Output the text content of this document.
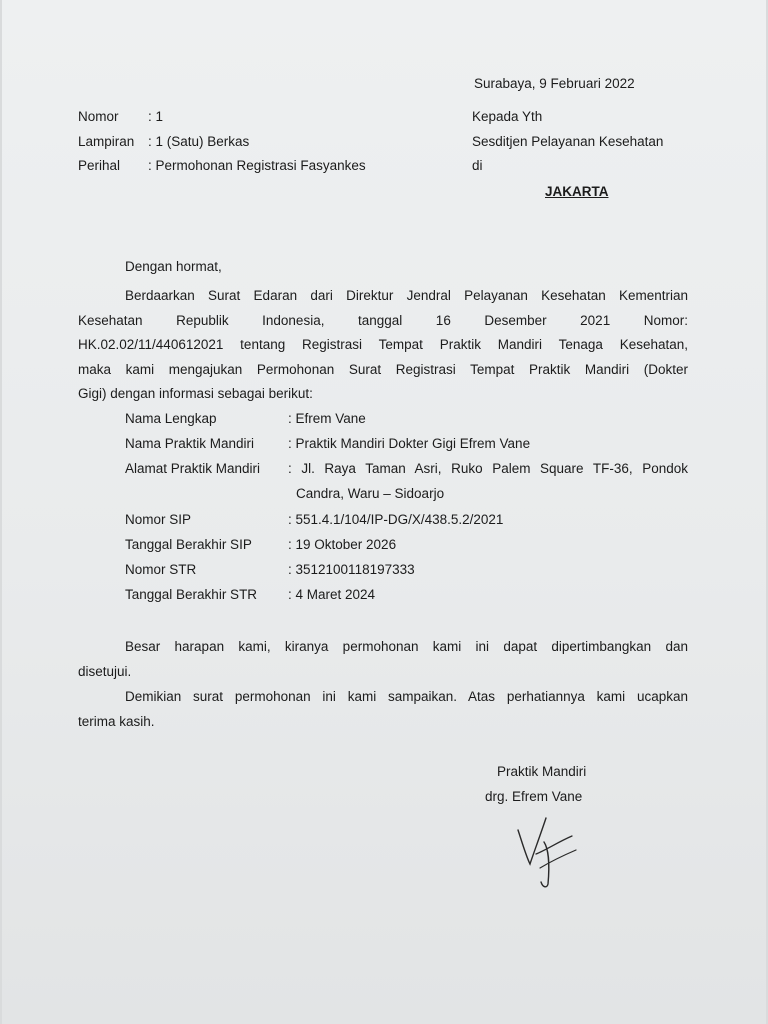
Surabaya, 9 Februari 2022
Nomor	: 1
Lampiran	: 1 (Satu) Berkas
Perihal	: Permohonan Registrasi Fasyankes
Kepada Yth
Sesditjen Pelayanan Kesehatan
di
JAKARTA
Dengan hormat,
Berdaarkan Surat Edaran dari Direktur Jendral Pelayanan Kesehatan Kementrian
Kesehatan Republik Indonesia, tanggal 16 Desember 2021 Nomor:
HK.02.02/11/440612021 tentang Registrasi Tempat Praktik Mandiri Tenaga Kesehatan,
maka kami mengajukan Permohonan Surat Registrasi Tempat Praktik Mandiri (Dokter
Gigi) dengan informasi sebagai berikut:
Nama Lengkap	: Efrem Vane
Nama Praktik Mandiri	: Praktik Mandiri Dokter Gigi Efrem Vane
Alamat Praktik Mandiri : Jl. Raya Taman Asri, Ruko Palem Square TF-36, Pondok
Candra, Waru – Sidoarjo
Nomor SIP	: 551.4.1/104/IP-DG/X/438.5.2/2021
Tanggal Berakhir SIP	: 19 Oktober 2026
Nomor STR	: 3512100118197333
Tanggal Berakhir STR : 4 Maret 2024
Besar harapan kami, kiranya permohonan kami ini dapat dipertimbangkan dan
disetujui.
Demikian surat permohonan ini kami sampaikan. Atas perhatiannya kami ucapkan
terima kasih.
Praktik Mandiri
drg. Efrem Vane
